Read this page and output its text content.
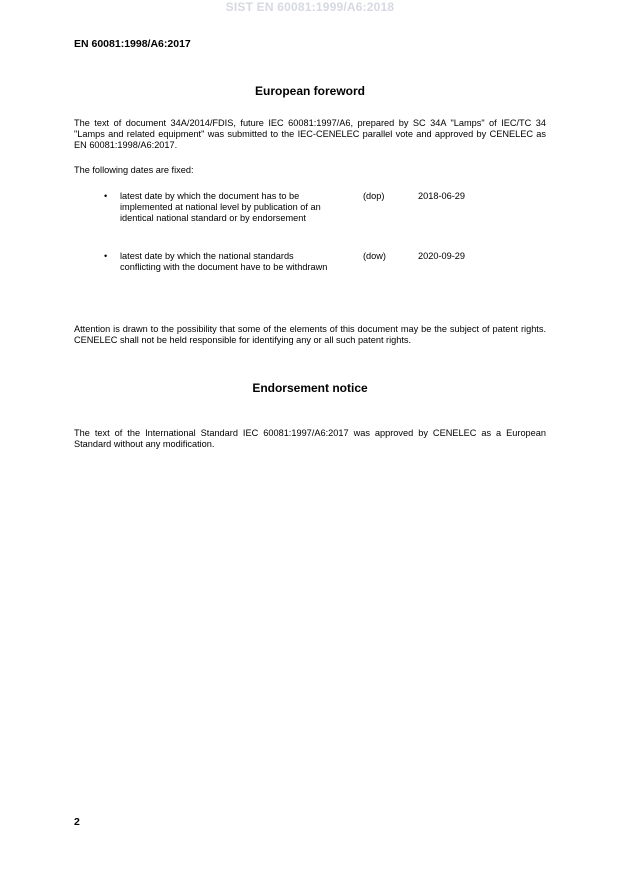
SIST EN 60081:1999/A6:2018
EN 60081:1998/A6:2017
European foreword
The text of document 34A/2014/FDIS, future IEC 60081:1997/A6, prepared by SC 34A "Lamps" of IEC/TC 34 "Lamps and related equipment" was submitted to the IEC-CENELEC parallel vote and approved by CENELEC as EN 60081:1998/A6:2017.
The following dates are fixed:
• latest date by which the document has to be implemented at national level by publication of an identical national standard or by endorsement
(dop)	2018-06-29
• latest date by which the national standards conflicting with the document have to be withdrawn
(dow)	2020-09-29
Attention is drawn to the possibility that some of the elements of this document may be the subject of patent rights. CENELEC shall not be held responsible for identifying any or all such patent rights.
Endorsement notice
The text of the International Standard IEC 60081:1997/A6:2017 was approved by CENELEC as a European Standard without any modification.
2
